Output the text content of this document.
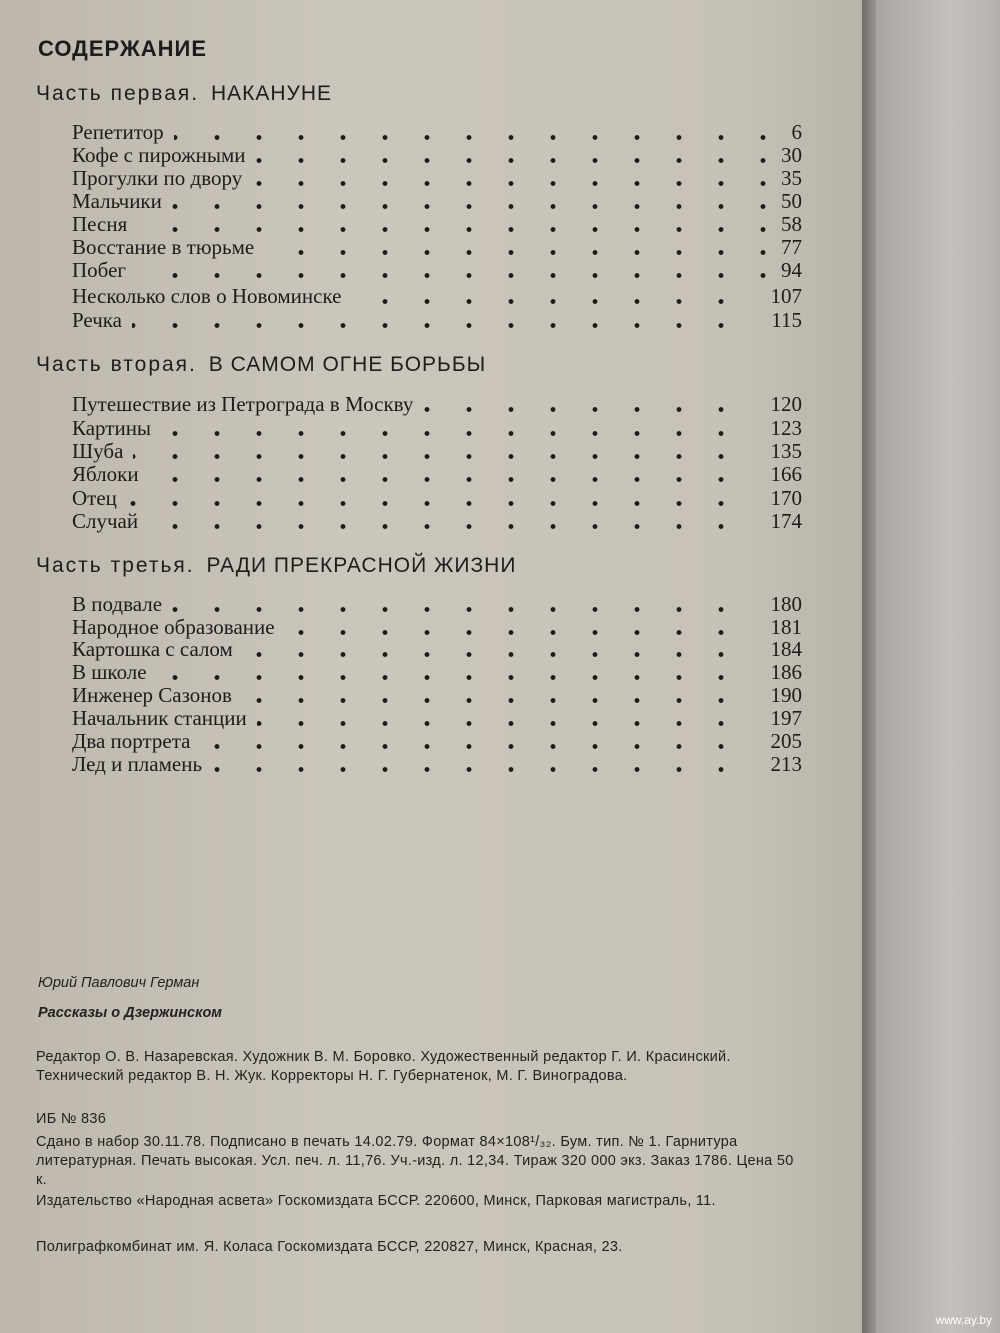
СОДЕРЖАНИЕ
Часть первая. НАКАНУНЕ
Репетитор	6
Кофе с пирожными	30
Прогулки по двору	35
Мальчики	50
Песня	58
Восстание в тюрьме	77
Побег	94
Несколько слов о Новоминске	107
Речка	115
Часть вторая. В САМОМ ОГНЕ БОРЬБЫ
Путешествие из Петрограда в Москву	120
Картины	123
Шуба	135
Яблоки	166
Отец	170
Случай	174
Часть третья. РАДИ ПРЕКРАСНОЙ ЖИЗНИ
В подвале	180
Народное образование	181
Картошка с салом	184
В школе	186
Инженер Сазонов	190
Начальник станции	197
Два портрета	205
Лед и пламень	213
Юрий Павлович Герман
Рассказы о Дзержинском
Редактор О. В. Назаревская. Художник В. М. Боровко. Художественный редактор Г. И. Красинский. Технический редактор В. Н. Жук. Корректоры Н. Г. Губернатенок, М. Г. Виноградова.
ИБ № 836
Сдано в набор 30.11.78. Подписано в печать 14.02.79. Формат 84×108¹/₃₂. Бум. тип. № 1. Гарнитура литературная. Печать высокая. Усл. печ. л. 11,76. Уч.-изд. л. 12,34. Тираж 320 000 экз. Заказ 1786. Цена 50 к.
Издательство «Народная асвета» Госкомиздата БССР. 220600, Минск, Парковая магистраль, 11.
Полиграфкомбинат им. Я. Коласа Госкомиздата БССР, 220827, Минск, Красная, 23.
www.ay.by
